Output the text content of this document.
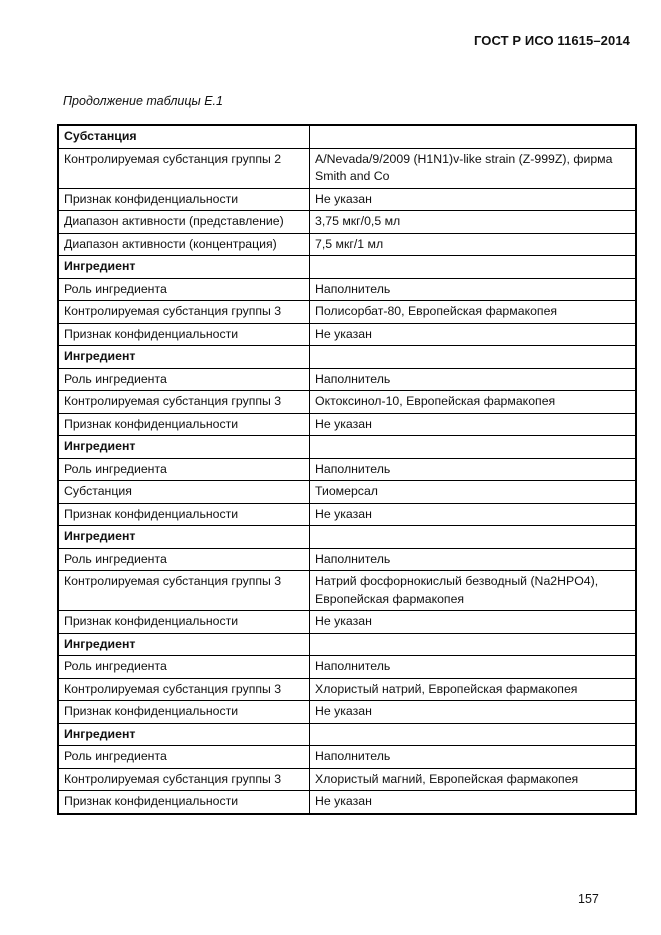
ГОСТ Р ИСО 11615–2014
Продолжение таблицы Е.1
Субстанция	
Контролируемая субстанция группы 2	A/Nevada/9/2009 (H1N1)v-like strain (Z-999Z), фирма Smith and Co
Признак конфиденциальности	Не указан
Диапазон активности (представление)	3,75 мкг/0,5 мл
Диапазон активности (концентрация)	7,5 мкг/1 мл
Ингредиент	
Роль ингредиента	Наполнитель
Контролируемая субстанция группы 3	Полисорбат-80, Европейская фармакопея
Признак конфиденциальности	Не указан
Ингредиент	
Роль ингредиента	Наполнитель
Контролируемая субстанция группы 3	Октоксинол-10, Европейская фармакопея
Признак конфиденциальности	Не указан
Ингредиент	
Роль ингредиента	Наполнитель
Субстанция	Тиомерсал
Признак конфиденциальности	Не указан
Ингредиент	
Роль ингредиента	Наполнитель
Контролируемая субстанция группы 3	Натрий фосфорнокислый безводный (Na2HPO4), Европейская фармакопея
Признак конфиденциальности	Не указан
Ингредиент	
Роль ингредиента	Наполнитель
Контролируемая субстанция группы 3	Хлористый натрий, Европейская фармакопея
Признак конфиденциальности	Не указан
Ингредиент	
Роль ингредиента	Наполнитель
Контролируемая субстанция группы 3	Хлористый магний, Европейская фармакопея
Признак конфиденциальности	Не указан
157
